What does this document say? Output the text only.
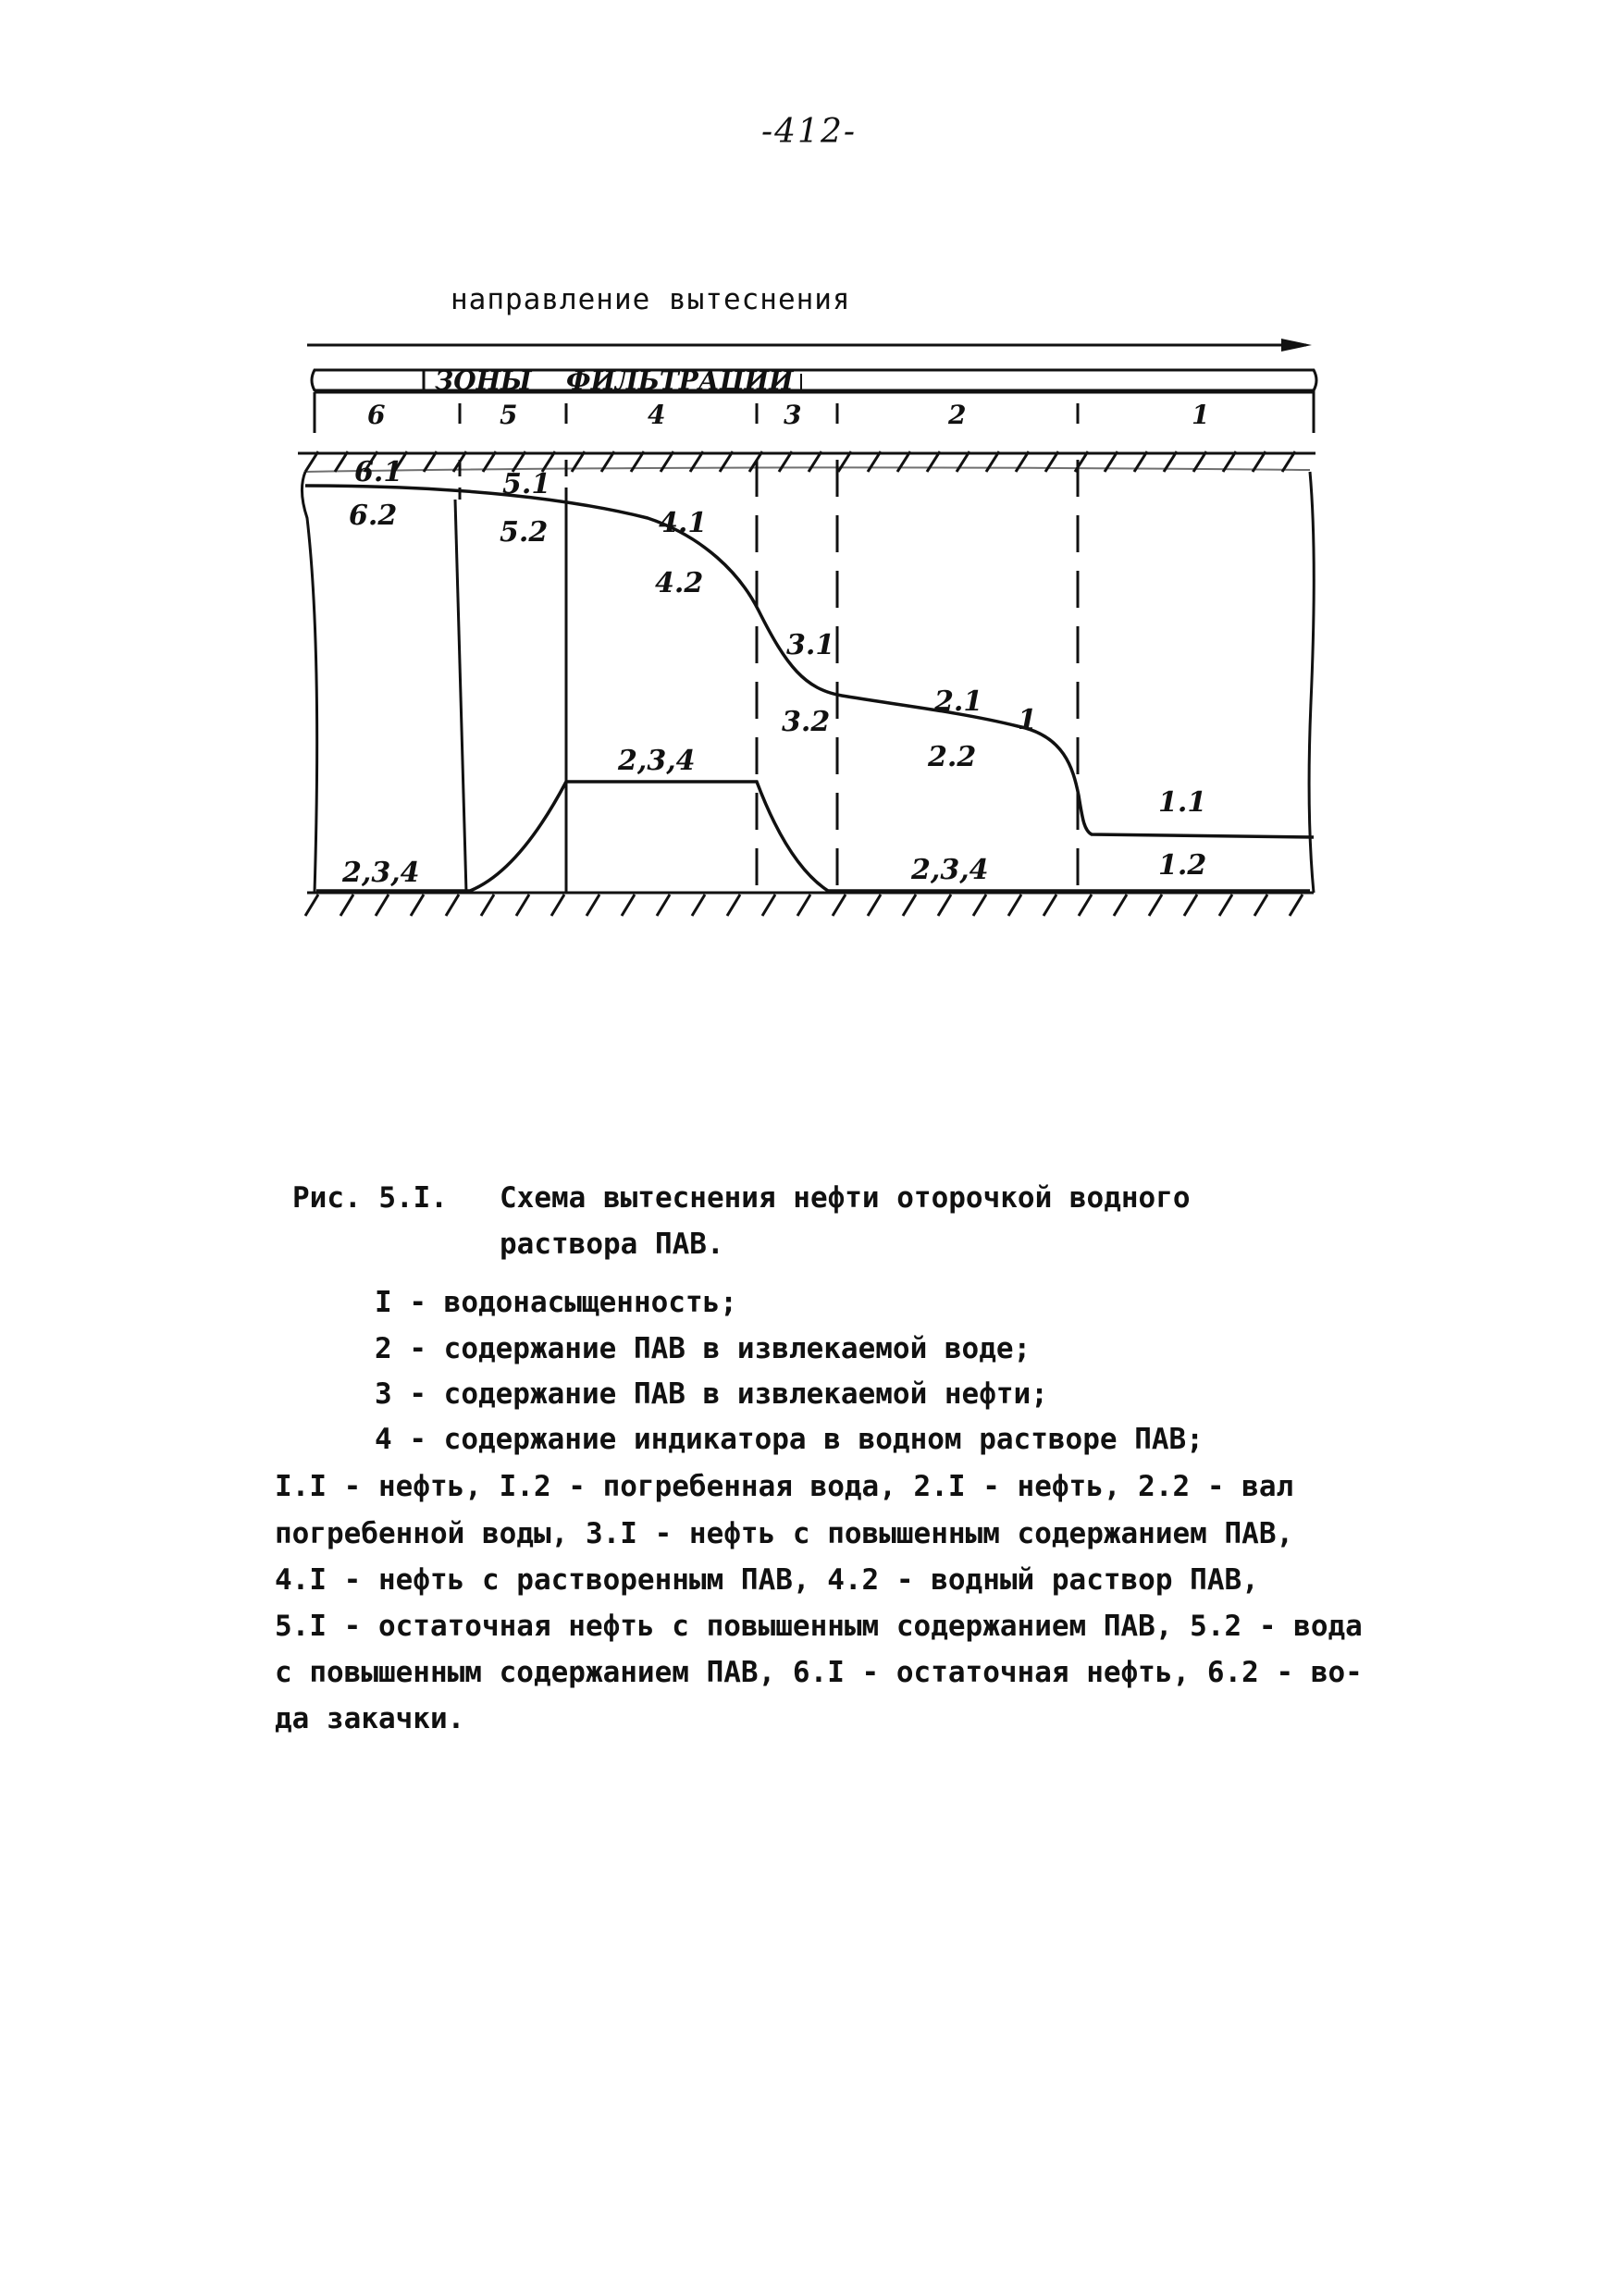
-412-
направление вытеснения
ЗОНЫ ФИЛЬТРАЦИИ
6	5	4	3	2	1
6.1
6.2
5.1
5.2	4.1
4.2
3.1
3.2
2.1
2.2
1
1.1
1.2
2,3,4
2,3,4	2,3,4
Рис. 5.I. Схема вытеснения нефти оторочкой водного
раствора ПАВ.
I - водонасыщенность;
2 - содержание ПАВ в извлекаемой воде;
3 - содержание ПАВ в извлекаемой нефти;
4 - содержание индикатора в водном растворе ПАВ;
I.I - нефть, I.2 - погребенная вода, 2.I - нефть, 2.2 - вал
погребенной воды, 3.I - нефть с повышенным содержанием ПАВ,
4.I - нефть с растворенным ПАВ, 4.2 - водный раствор ПАВ,
5.I - остаточная нефть с повышенным содержанием ПАВ, 5.2 - вода
с повышенным содержанием ПАВ, 6.I - остаточная нефть, 6.2 - во-
да закачки.
